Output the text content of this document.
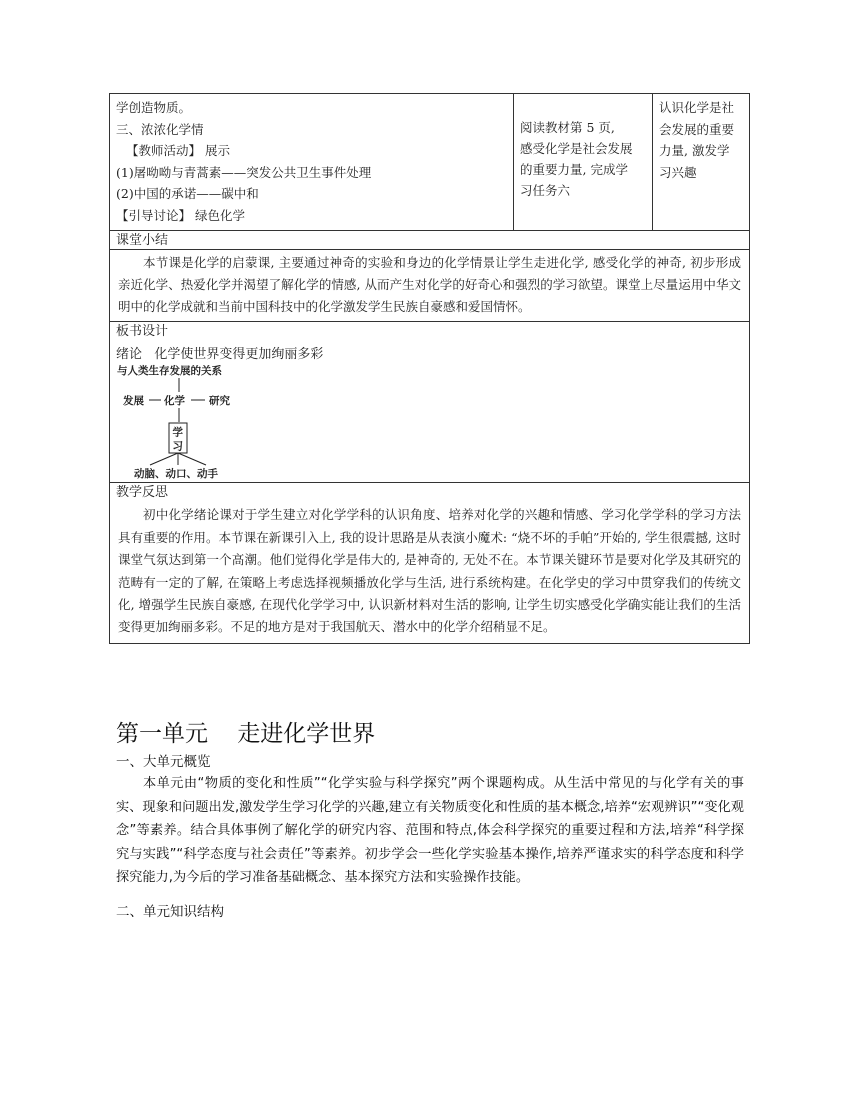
学创造物质。
三、浓浓化学情
【教师活动】 展示
(1)屠呦呦与青蒿素——突发公共卫生事件处理
(2)中国的承诺——碳中和
【引导讨论】 绿色化学
阅读教材第 5 页,
感受化学是社会发展
的重要力量, 完成学
习任务六
认识化学是社
会发展的重要
力量, 激发学
习兴趣
课堂小结
本节课是化学的启蒙课, 主要通过神奇的实验和身边的化学情景让学生走进化学, 感受化学的神奇, 初步形成亲近化学、热爱化学并渴望了解化学的情感, 从而产生对化学的好奇心和强烈的学习欲望。课堂上尽量运用中华文明中的化学成就和当前中国科技中的化学激发学生民族自豪感和爱国情怀。
板书设计
绪论   化学使世界变得更加绚丽多彩
与人类生存发展的关系
发展 化学 研究
学
习
动脑、动口、动手
教学反思
初中化学绪论课对于学生建立对化学学科的认识角度、培养对化学的兴趣和情感、学习化学学科的学习方法具有重要的作用。本节课在新课引入上, 我的设计思路是从表演小魔术: “烧不坏的手帕”开始的, 学生很震撼, 这时课堂气氛达到第一个高潮。他们觉得化学是伟大的, 是神奇的, 无处不在。本节课关键环节是要对化学及其研究的范畴有一定的了解, 在策略上考虑选择视频播放化学与生活, 进行系统构建。在化学史的学习中贯穿我们的传统文化, 增强学生民族自豪感, 在现代化学学习中, 认识新材料对生活的影响, 让学生切实感受化学确实能让我们的生活变得更加绚丽多彩。不足的地方是对于我国航天、潜水中的化学介绍稍显不足。
第一单元    走进化学世界
一、大单元概览
本单元由“物质的变化和性质”“化学实验与科学探究”两个课题构成。从生活中常见的与化学有关的事实、现象和问题出发,激发学生学习化学的兴趣,建立有关物质变化和性质的基本概念,培养“宏观辨识”“变化观念”等素养。结合具体事例了解化学的研究内容、范围和特点,体会科学探究的重要过程和方法,培养“科学探究与实践”“科学态度与社会责任”等素养。初步学会一些化学实验基本操作,培养严谨求实的科学态度和科学探究能力,为今后的学习准备基础概念、基本探究方法和实验操作技能。
二、单元知识结构
